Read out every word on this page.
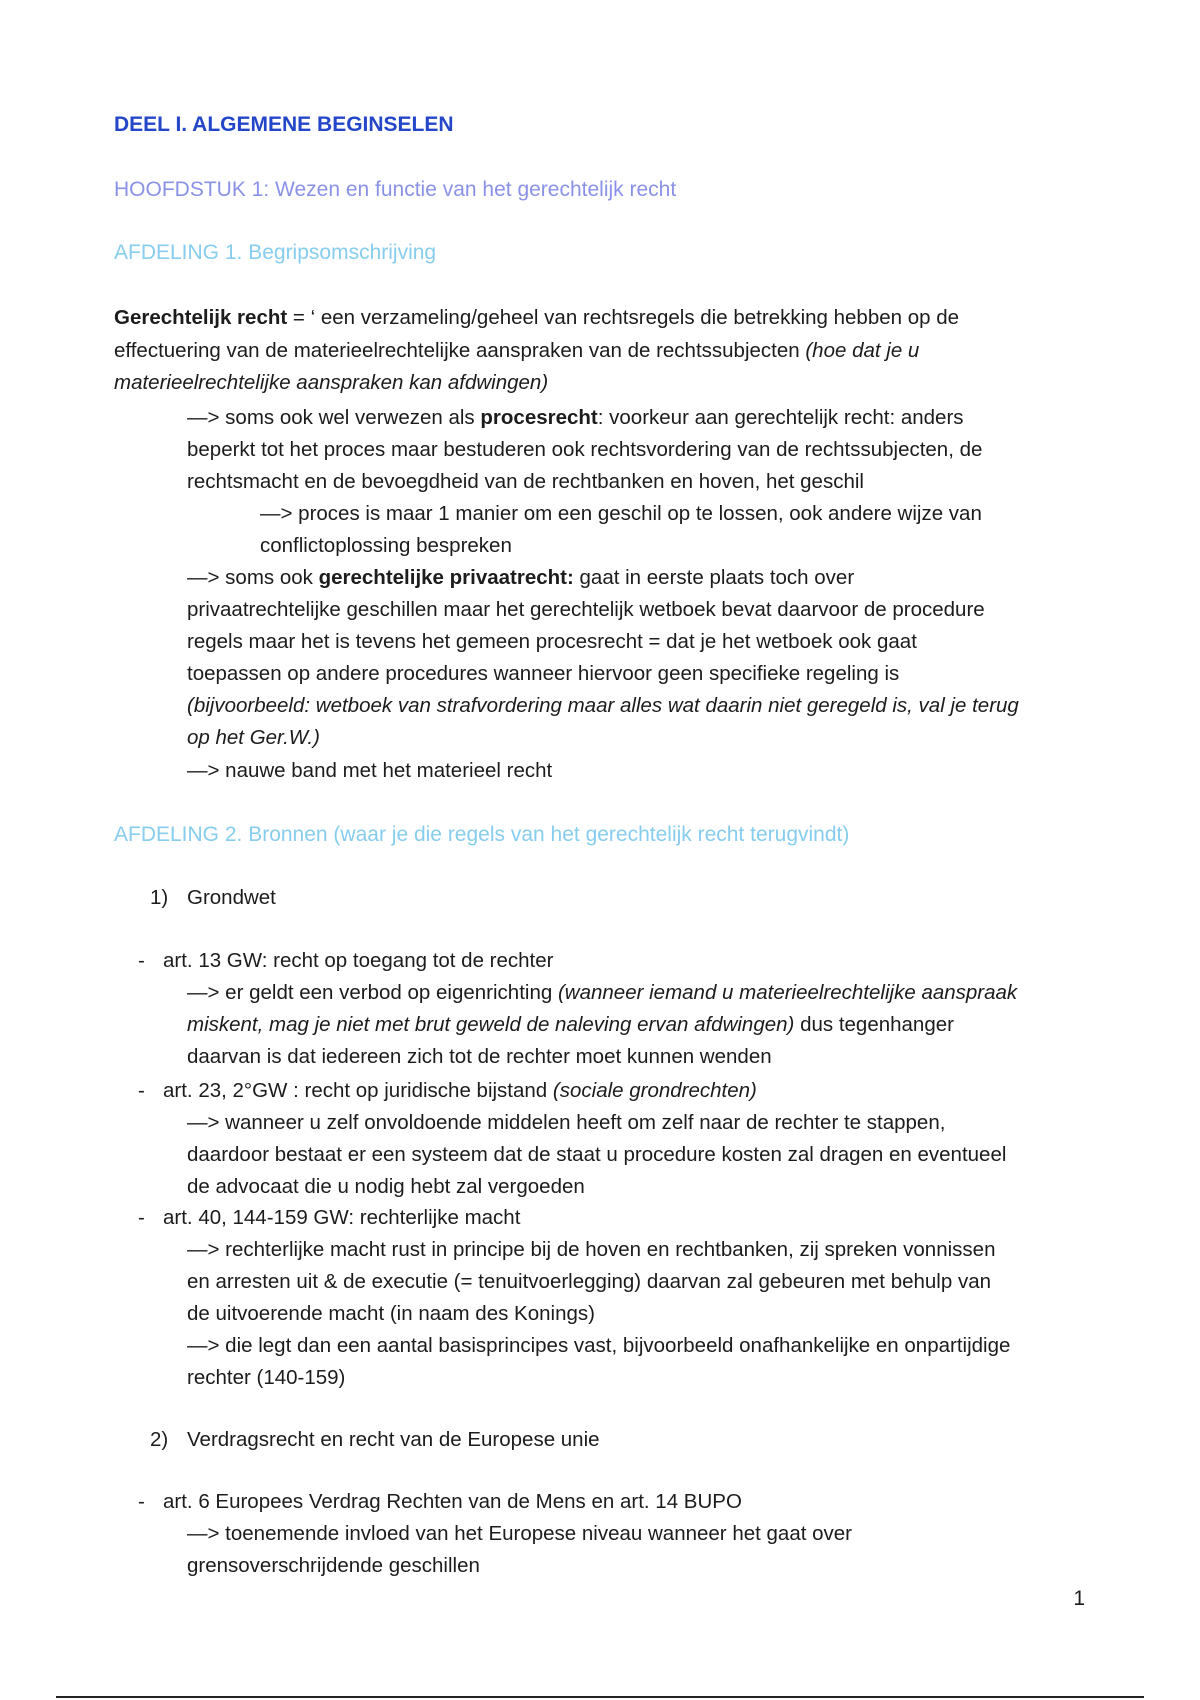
DEEL I. ALGEMENE BEGINSELEN
HOOFDSTUK 1: Wezen en functie van het gerechtelijk recht
AFDELING 1. Begripsomschrijving
Gerechtelijk recht = ‘ een verzameling/geheel van rechtsregels die betrekking hebben op de
effectuering van de materieelrechtelijke aanspraken van de rechtssubjecten (hoe dat je u
materieelrechtelijke aanspraken kan afdwingen)
—> soms ook wel verwezen als procesrecht: voorkeur aan gerechtelijk recht: anders
beperkt tot het proces maar bestuderen ook rechtsvordering van de rechtssubjecten, de
rechtsmacht en de bevoegdheid van de rechtbanken en hoven, het geschil
—> proces is maar 1 manier om een geschil op te lossen, ook andere wijze van
conflictoplossing bespreken
—> soms ook gerechtelijke privaatrecht: gaat in eerste plaats toch over
privaatrechtelijke geschillen maar het gerechtelijk wetboek bevat daarvoor de procedure
regels maar het is tevens het gemeen procesrecht = dat je het wetboek ook gaat
toepassen op andere procedures wanneer hiervoor geen specifieke regeling is
(bijvoorbeeld: wetboek van strafvordering maar alles wat daarin niet geregeld is, val je terug
op het Ger.W.)
—> nauwe band met het materieel recht
AFDELING 2. Bronnen (waar je die regels van het gerechtelijk recht terugvindt)
1) Grondwet
- art. 13 GW: recht op toegang tot de rechter
—> er geldt een verbod op eigenrichting (wanneer iemand u materieelrechtelijke aanspraak
miskent, mag je niet met brut geweld de naleving ervan afdwingen) dus tegenhanger
daarvan is dat iedereen zich tot de rechter moet kunnen wenden
- art. 23, 2°GW : recht op juridische bijstand (sociale grondrechten)
—> wanneer u zelf onvoldoende middelen heeft om zelf naar de rechter te stappen,
daardoor bestaat er een systeem dat de staat u procedure kosten zal dragen en eventueel
de advocaat die u nodig hebt zal vergoeden
- art. 40, 144-159 GW: rechterlijke macht
—> rechterlijke macht rust in principe bij de hoven en rechtbanken, zij spreken vonnissen
en arresten uit & de executie (= tenuitvoerlegging) daarvan zal gebeuren met behulp van
de uitvoerende macht (in naam des Konings)
—> die legt dan een aantal basisprincipes vast, bijvoorbeeld onafhankelijke en onpartijdige
rechter (140-159)
2) Verdragsrecht en recht van de Europese unie
- art. 6 Europees Verdrag Rechten van de Mens en art. 14 BUPO
—> toenemende invloed van het Europese niveau wanneer het gaat over
grensoverschrijdende geschillen
1
